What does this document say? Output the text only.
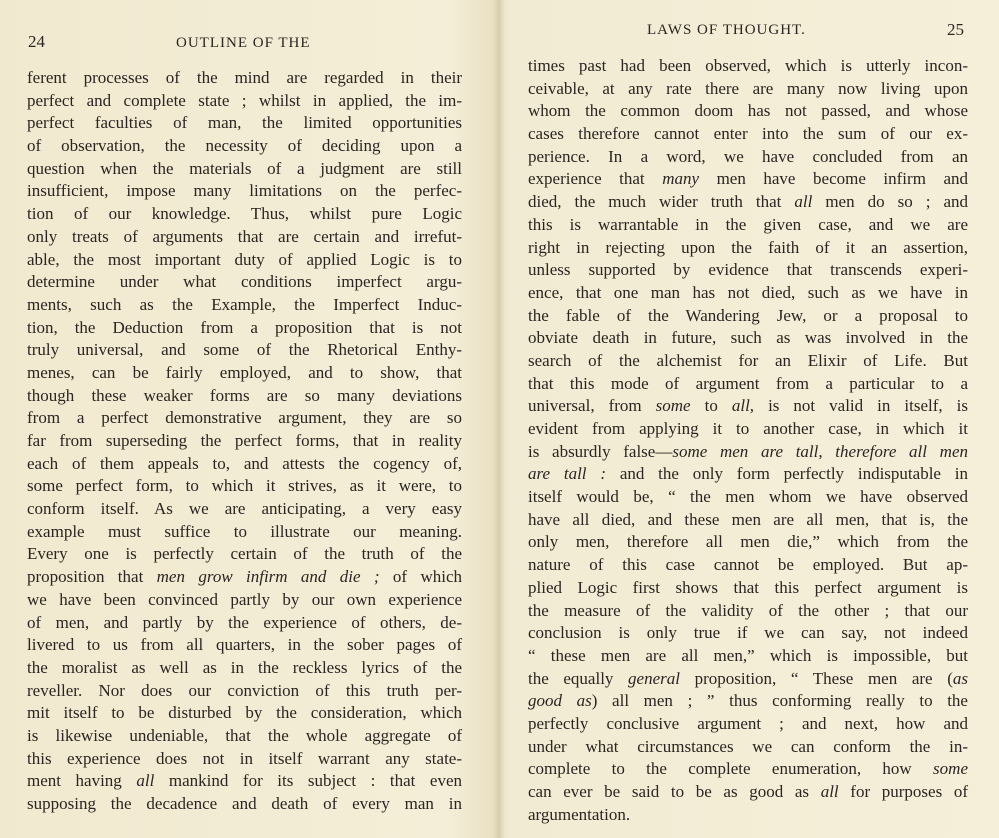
24	OUTLINE OF THE
ferent processes of the mind are regarded in their
perfect and complete state ; whilst in applied, the im-
perfect faculties of man, the limited opportunities
of observation, the necessity of deciding upon a
question when the materials of a judgment are still
insufficient, impose many limitations on the perfec-
tion of our knowledge. Thus, whilst pure Logic
only treats of arguments that are certain and irrefut-
able, the most important duty of applied Logic is to
determine under what conditions imperfect argu-
ments, such as the Example, the Imperfect Induc-
tion, the Deduction from a proposition that is not
truly universal, and some of the Rhetorical Enthy-
menes, can be fairly employed, and to show, that
though these weaker forms are so many deviations
from a perfect demonstrative argument, they are so
far from superseding the perfect forms, that in reality
each of them appeals to, and attests the cogency of,
some perfect form, to which it strives, as it were, to
conform itself. As we are anticipating, a very easy
example must suffice to illustrate our meaning.
Every one is perfectly certain of the truth of the
proposition that men grow infirm and die ; of which
we have been convinced partly by our own experience
of men, and partly by the experience of others, de-
livered to us from all quarters, in the sober pages of
the moralist as well as in the reckless lyrics of the
reveller. Nor does our conviction of this truth per-
mit itself to be disturbed by the consideration, which
is likewise undeniable, that the whole aggregate of
this experience does not in itself warrant any state-
ment having all mankind for its subject : that even
supposing the decadence and death of every man in
LAWS OF THOUGHT.	25
times past had been observed, which is utterly incon-
ceivable, at any rate there are many now living upon
whom the common doom has not passed, and whose
cases therefore cannot enter into the sum of our ex-
perience. In a word, we have concluded from an
experience that many men have become infirm and
died, the much wider truth that all men do so ; and
this is warrantable in the given case, and we are
right in rejecting upon the faith of it an assertion,
unless supported by evidence that transcends experi-
ence, that one man has not died, such as we have in
the fable of the Wandering Jew, or a proposal to
obviate death in future, such as was involved in the
search of the alchemist for an Elixir of Life. But
that this mode of argument from a particular to a
universal, from some to all, is not valid in itself, is
evident from applying it to another case, in which it
is absurdly false—some men are tall, therefore all men
are tall : and the only form perfectly indisputable in
itself would be, “ the men whom we have observed
have all died, and these men are all men, that is, the
only men, therefore all men die,” which from the
nature of this case cannot be employed. But ap-
plied Logic first shows that this perfect argument is
the measure of the validity of the other ; that our
conclusion is only true if we can say, not indeed
“ these men are all men,” which is impossible, but
the equally general proposition, “ These men are (as
good as) all men ; ” thus conforming really to the
perfectly conclusive argument ; and next, how and
under what circumstances we can conform the in-
complete to the complete enumeration, how some
can ever be said to be as good as all for purposes of
argumentation.
